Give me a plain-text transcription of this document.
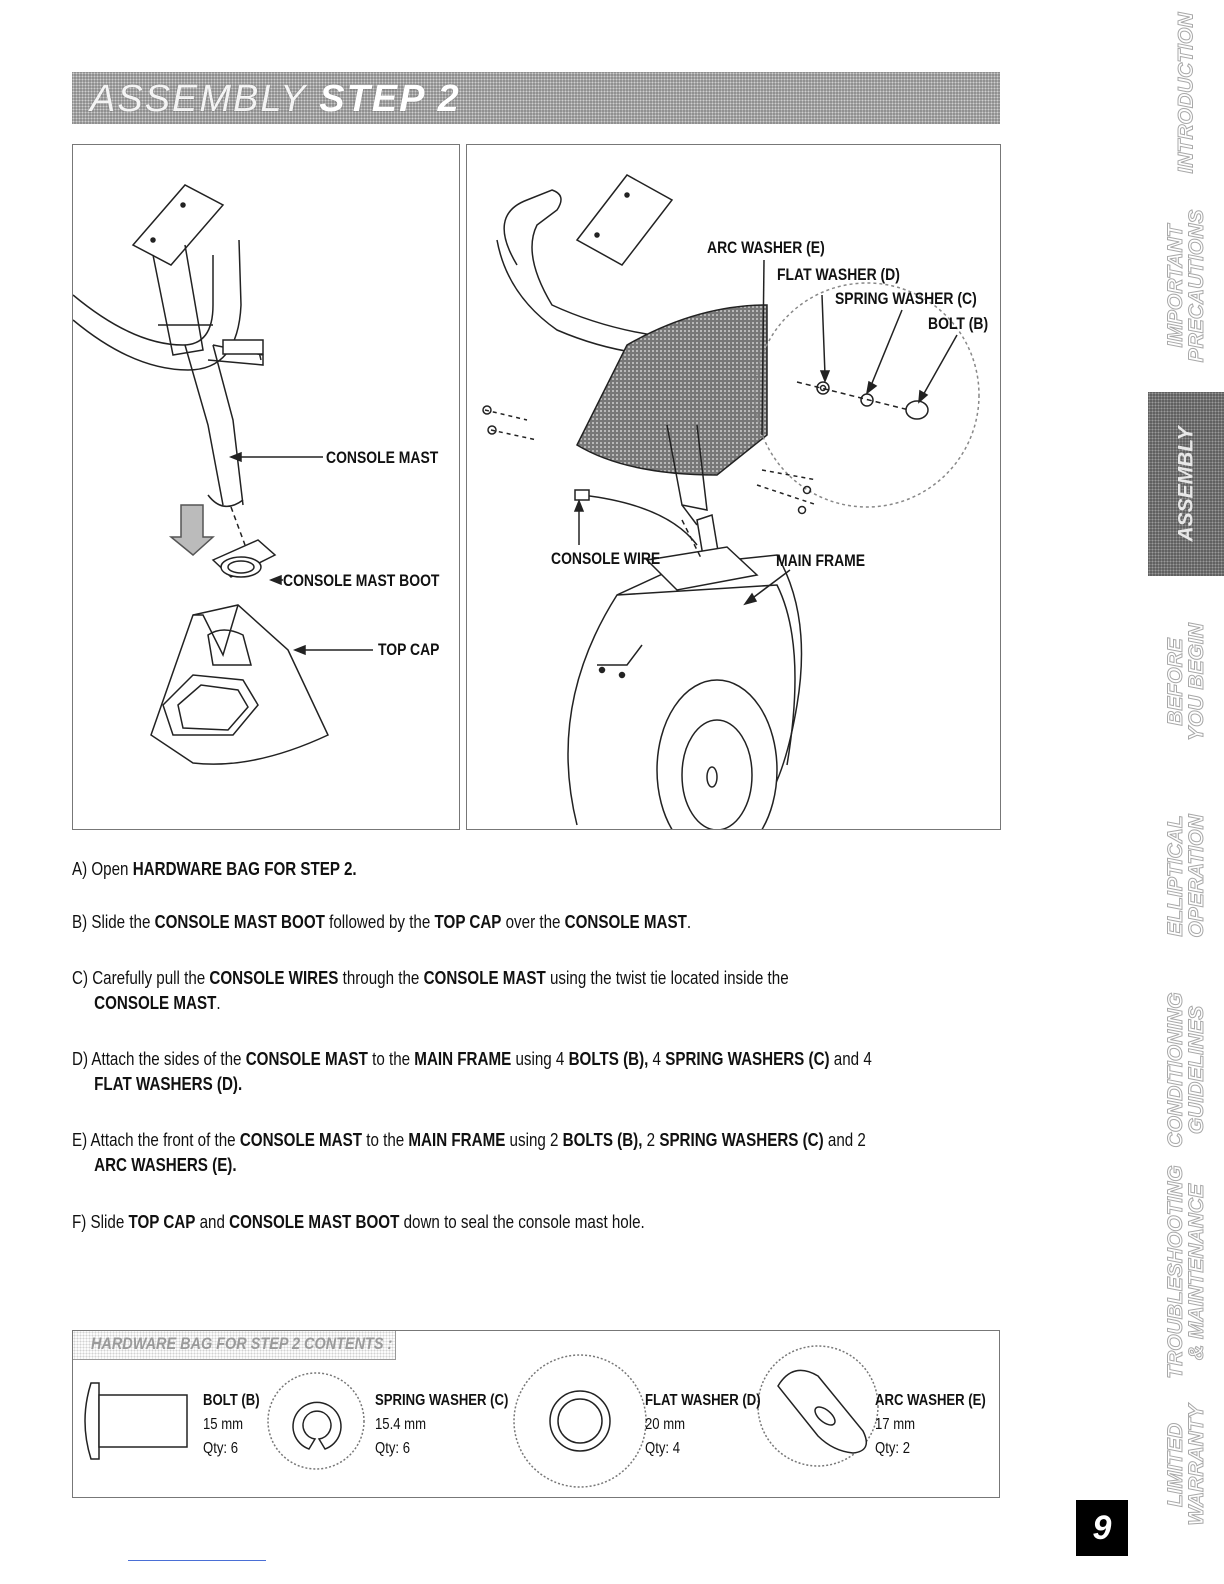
ASSEMBLY STEP 2
CONSOLE MAST
CONSOLE MAST BOOT
TOP CAP
ARC WASHER (E)
FLAT WASHER (D)
SPRING WASHER (C)
BOLT (B)
CONSOLE WIRE	MAIN FRAME
A) Open HARDWARE BAG FOR STEP 2.
B) Slide the CONSOLE MAST BOOT followed by the TOP CAP over the CONSOLE MAST.
C) Carefully pull the CONSOLE WIRES through the CONSOLE MAST using the twist tie located inside the
CONSOLE MAST.
D) Attach the sides of the CONSOLE MAST to the MAIN FRAME using 4 BOLTS (B), 4 SPRING WASHERS (C) and 4
FLAT WASHERS (D).
E) Attach the front of the CONSOLE MAST to the MAIN FRAME using 2 BOLTS (B), 2 SPRING WASHERS (C) and 2
ARC WASHERS (E).
F) Slide TOP CAP and CONSOLE MAST BOOT down to seal the console mast hole.
HARDWARE BAG FOR STEP 2 CONTENTS :
BOLT (B)
15 mm
Qty: 6
SPRING WASHER (C)
15.4 mm
Qty: 6
FLAT WASHER (D)
20 mm
Qty: 4
ARC WASHER (E)
17 mm
Qty: 2
INTRODUCTION
IMPORTANT
PRECAUTIONS
ASSEMBLY
BEFORE
YOU BEGIN
ELLIPTICAL
OPERATION
CONDITIONING
GUIDELINES
TROUBLESHOOTING
& MAINTENANCE
LIMITED
WARRANTY
9
